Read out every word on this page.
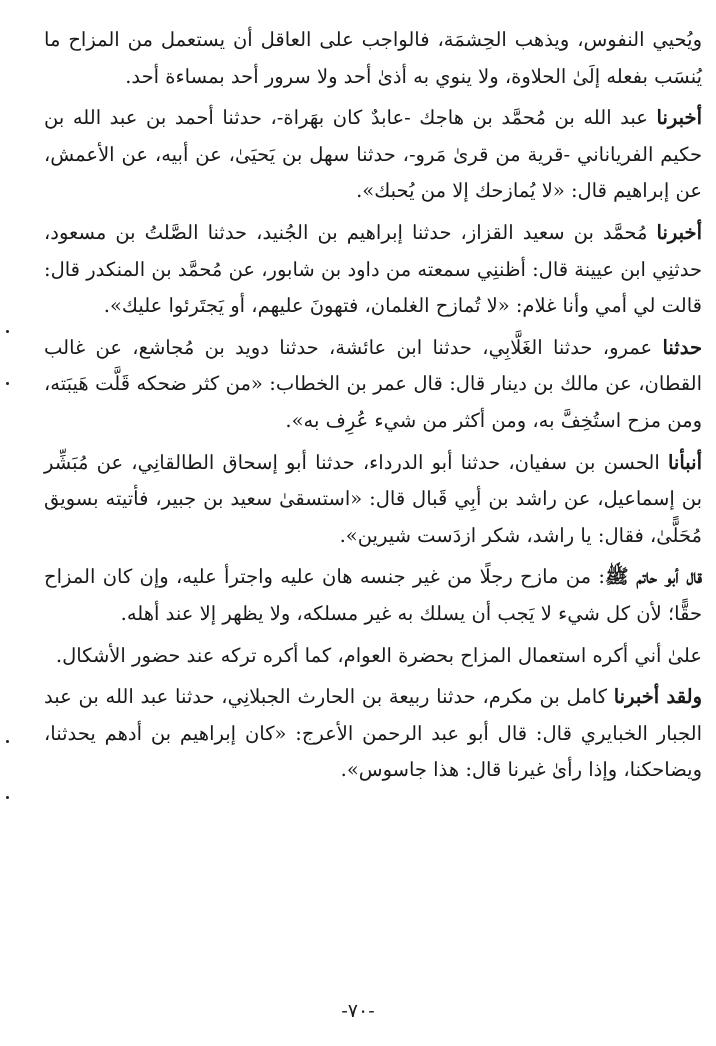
ويُحيي النفوس، ويذهب الحِشمَة، فالواجب على العاقل أن يستعمل من المزاح ما يُنسَب بفعله إلَىٰ الحلاوة، ولا ينوي به أذىٰ أحد ولا سرور أحد بمساءة أحد.

أخبرنا عبد الله بن مُحمَّد بن هاجك -عابدٌ كان بهَراة-، حدثنا أحمد بن عبد الله بن حكيم الفرياناني -قرية من قرىٰ مَرو-، حدثنا سهل بن يَحيَىٰ، عن أبيه، عن الأعمش، عن إبراهيم قال: «لا يُمازحك إلا من يُحبك».

أخبرنا مُحمَّد بن سعيد القزاز، حدثنا إبراهيم بن الجُنيد، حدثنا الصَّلتُ بن مسعود، حدثنِي ابن عيينة قال: أظننِي سمعته من داود بن شابور، عن مُحمَّد بن المنكدر قال: قالت لي أمي وأنا غلام: «لا تُمازح الغلمان، فتهونَ عليهم، أو يَجتَرئوا عليك».

حدثنا عمرو، حدثنا الغَلَّابِي، حدثنا ابن عائشة، حدثنا دويد بن مُجاشع، عن غالب القطان، عن مالك بن دينار قال: قال عمر بن الخطاب: «من كثر ضحكه قَلَّت هَيبَته، ومن مزح استُخِفَّ به، ومن أكثر من شيء عُرِف به».

أنبأنا الحسن بن سفيان، حدثنا أبو الدرداء، حدثنا أبو إسحاق الطالقانِي، عن مُبَشِّر بن إسماعيل، عن راشد بن أبِي قَبال قال: «استسقىٰ سعيد بن جبير، فأتيته بسويق مُحَلًّىٰ، فقال: يا راشد، شكر ازدَست شيرين».

قال أبو حاتم ﷺ: من مازح رجلًا من غير جنسه هان عليه واجترأ عليه، وإن كان المزاح حقًّا؛ لأن كل شيء لا يَجب أن يسلك به غير مسلكه، ولا يظهر إلا عند أهله.

علىٰ أني أكره استعمال المزاح بحضرة العوام، كما أكره تركه عند حضور الأشكال.

ولقد أخبرنا كامل بن مكرم، حدثنا ربيعة بن الحارث الجبلانِي، حدثنا عبد الله بن عبد الجبار الخبايري قال: قال أبو عبد الرحمن الأعرج: «كان إبراهيم بن أدهم يحدثنا، ويضاحكنا، وإذا رأىٰ غيرنا قال: هذا جاسوس».

-٧٠-
